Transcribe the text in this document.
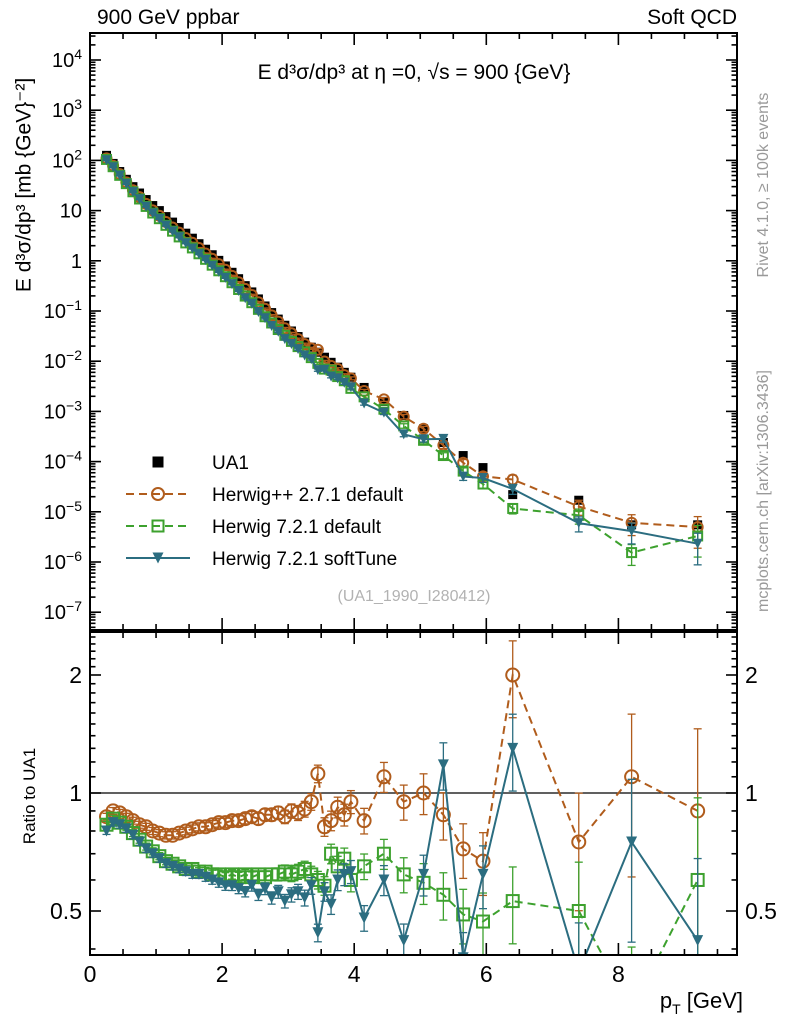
$10^4$
$10^3$
$10^2$
10
1
$10^{-1}$
$10^{-2}$
$10^{-3}$
$10^{-4}$
$10^{-5}$
$10^{-6}$
$10^{-7}$
2	2
1	1
0.5	0.5
0	2	4	6	8
UA1
Herwig++ 2.7.1 default
Herwig 7.2.1 default
Herwig 7.2.1 softTune
900 GeV ppbar	Soft QCD
E d³σ/dp³ at η =0, √s = 900 {GeV}
E d³σ/dp³ [mb {GeV}⁻²]
Ratio to UA1
Rivet 4.1.0, ≥ 100k events
mcplots.cern.ch [arXiv:1306.3436]
(UA1_1990_I280412)
$p_T$ [GeV]
